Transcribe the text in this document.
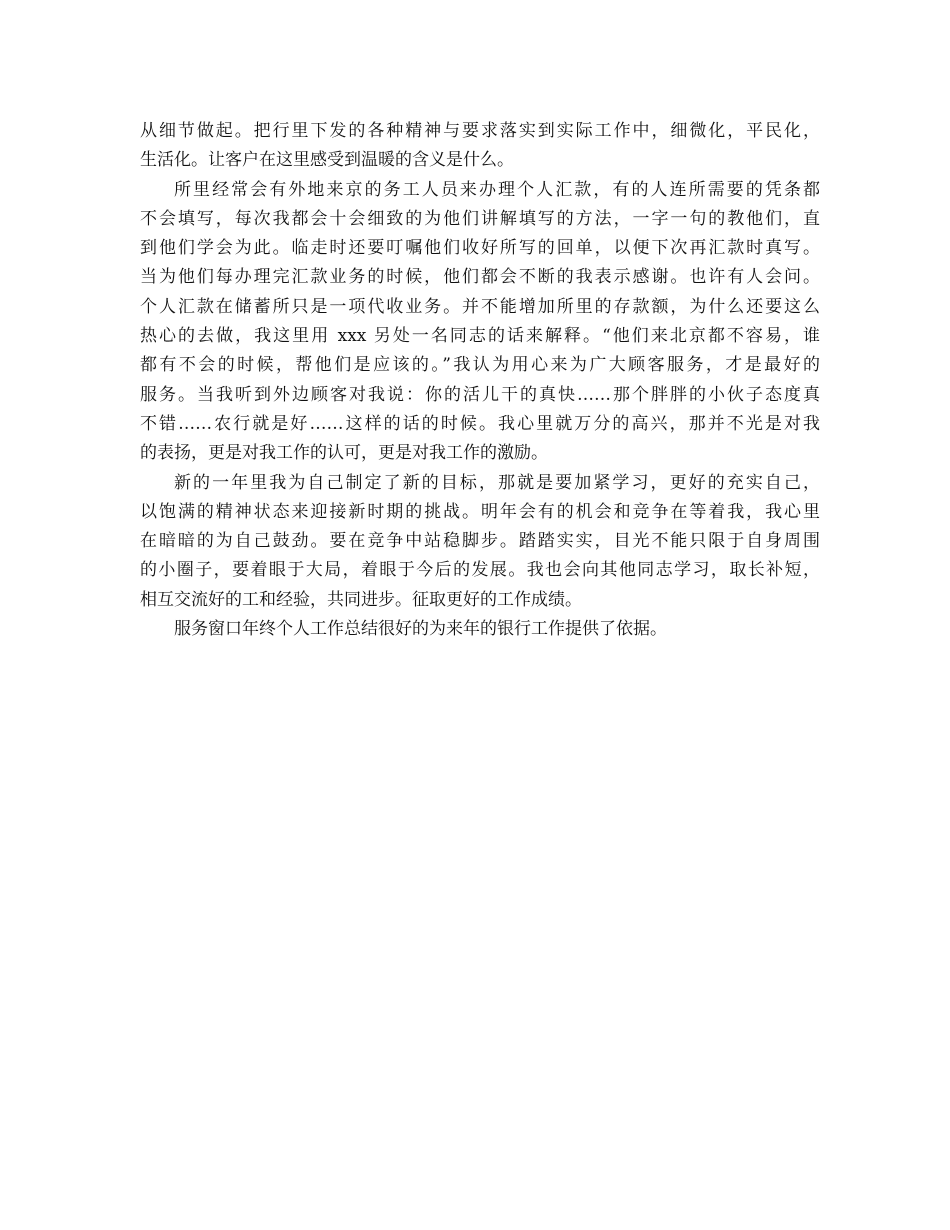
从细节做起。把行里下发的各种精神与要求落实到实际工作中，细微化，平民化，
生活化。让客户在这里感受到温暖的含义是什么。
所里经常会有外地来京的务工人员来办理个人汇款，有的人连所需要的凭条都
不会填写，每次我都会十会细致的为他们讲解填写的方法，一字一句的教他们，直
到他们学会为此。临走时还要叮嘱他们收好所写的回单，以便下次再汇款时真写。
当为他们每办理完汇款业务的时候，他们都会不断的我表示感谢。也许有人会问。
个人汇款在储蓄所只是一项代收业务。并不能增加所里的存款额，为什么还要这么
热心的去做，我这里用 xxx 另处一名同志的话来解释。“他们来北京都不容易，谁
都有不会的时候，帮他们是应该的。”我认为用心来为广大顾客服务，才是最好的
服务。当我听到外边顾客对我说：你的活儿干的真快……那个胖胖的小伙子态度真
不错……农行就是好……这样的话的时候。我心里就万分的高兴，那并不光是对我
的表扬，更是对我工作的认可，更是对我工作的激励。
新的一年里我为自己制定了新的目标，那就是要加紧学习，更好的充实自己，
以饱满的精神状态来迎接新时期的挑战。明年会有的机会和竞争在等着我，我心里
在暗暗的为自己鼓劲。要在竞争中站稳脚步。踏踏实实，目光不能只限于自身周围
的小圈子，要着眼于大局，着眼于今后的发展。我也会向其他同志学习，取长补短，
相互交流好的工和经验，共同进步。征取更好的工作成绩。
服务窗口年终个人工作总结很好的为来年的银行工作提供了依据。
